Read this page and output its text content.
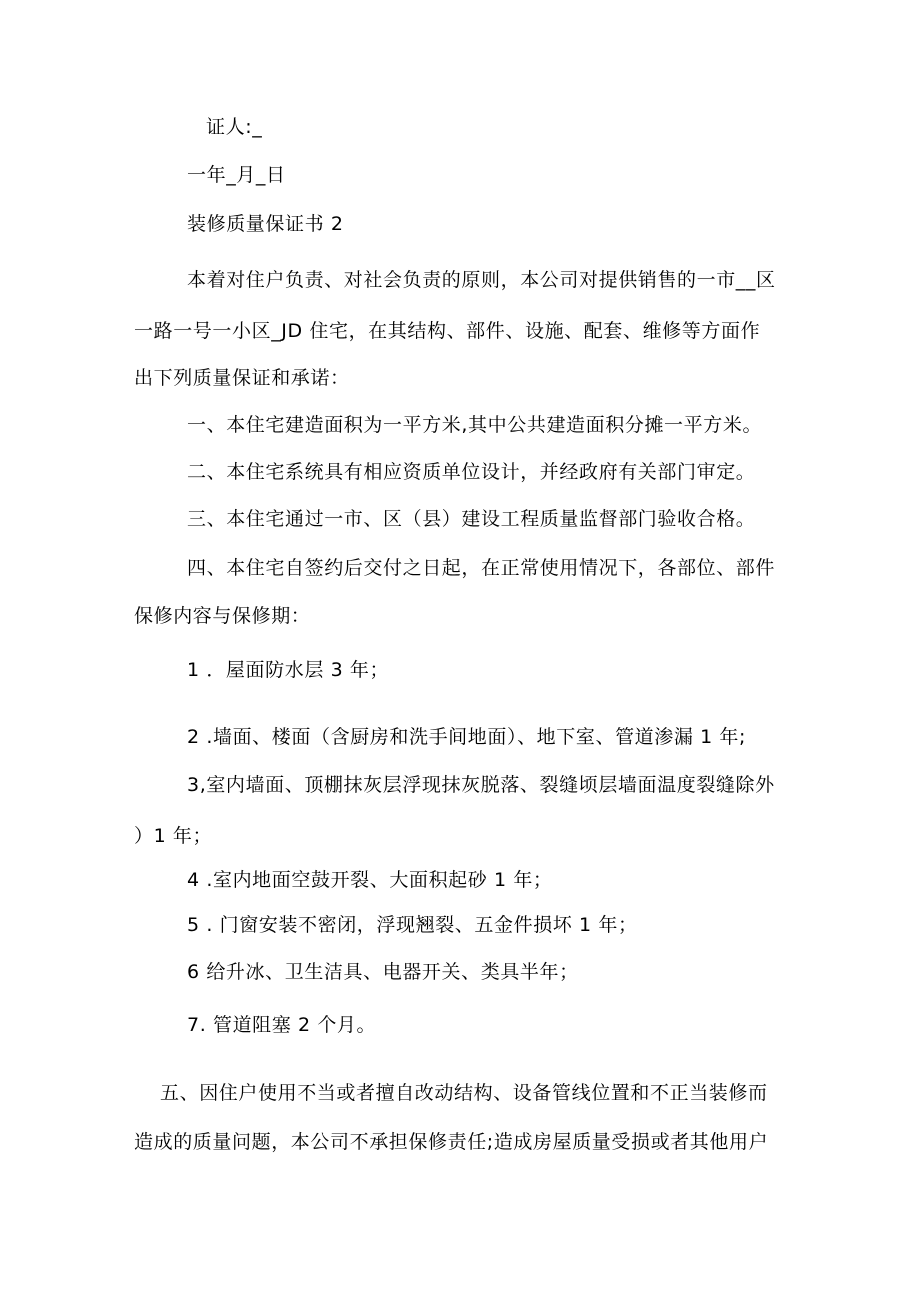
证人:_
一年_月_日
装修质量保证书 2
本着对住户负责、对社会负责的原则，本公司对提供销售的一市__区
一路一号一小区_JD 住宅，在其结构、部件、设施、配套、维修等方面作
出下列质量保证和承诺：
一、本住宅建造面积为一平方米,其中公共建造面积分摊一平方米。
二、本住宅系统具有相应资质单位设计，并经政府有关部门审定。
三、本住宅通过一市、区（县）建设工程质量监督部门验收合格。
四、本住宅自签约后交付之日起，在正常使用情况下，各部位、部件
保修内容与保修期：
1 ．屋面防水层 3 年；
2 .墙面、楼面（含厨房和洗手间地面）、地下室、管道渗漏 1 年;
3,室内墙面、顶棚抹灰层浮现抹灰脱落、裂缝顷层墙面温度裂缝除外
）1 年；
4 .室内地面空鼓开裂、大面积起砂 1 年；
5 . 门窗安装不密闭，浮现翘裂、五金件损坏 1 年；
6 给升冰、卫生洁具、电器开关、类具半年；
7. 管道阻塞 2 个月。
五、因住户使用不当或者擅自改动结构、设备管线位置和不正当装修而
造成的质量问题，本公司不承担保修责任;造成房屋质量受损或者其他用户
